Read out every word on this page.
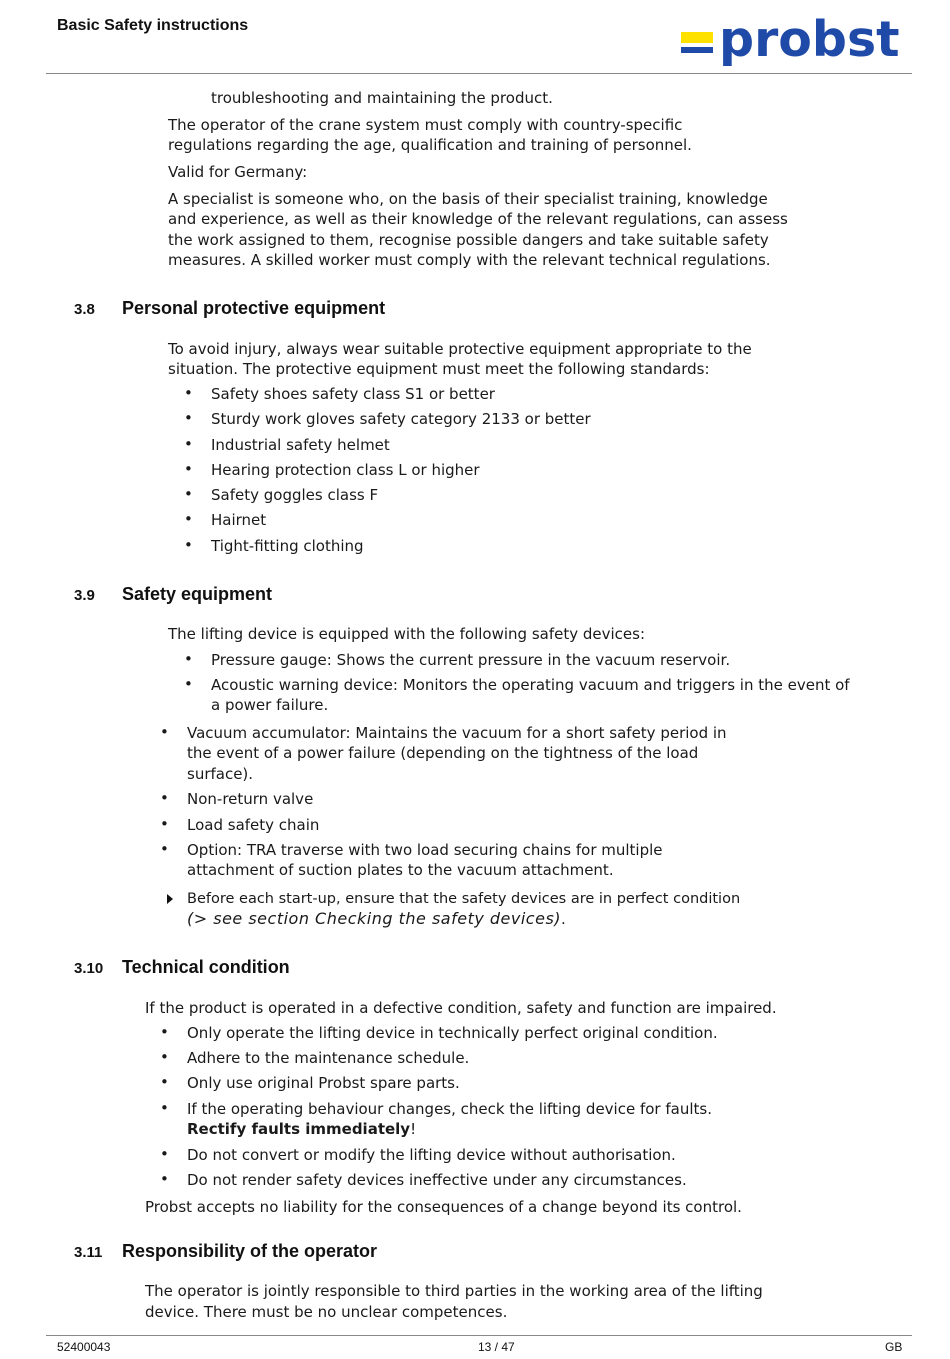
Basic Safety instructions	probst
troubleshooting and maintaining the product.
The operator of the crane system must comply with country-specific
regulations regarding the age, qualification and training of personnel.
Valid for Germany:
A specialist is someone who, on the basis of their specialist training, knowledge
and experience, as well as their knowledge of the relevant regulations, can assess
the work assigned to them, recognise possible dangers and take suitable safety
measures. A skilled worker must comply with the relevant technical regulations.
3.8 Personal protective equipment
To avoid injury, always wear suitable protective equipment appropriate to the
situation. The protective equipment must meet the following standards:
• Safety shoes safety class S1 or better
• Sturdy work gloves safety category 2133 or better
• Industrial safety helmet
• Hearing protection class L or higher
• Safety goggles class F
• Hairnet
• Tight-fitting clothing
3.9 Safety equipment
The lifting device is equipped with the following safety devices:
• Pressure gauge: Shows the current pressure in the vacuum reservoir.
• Acoustic warning device: Monitors the operating vacuum and triggers in the event of
a power failure.
• Vacuum accumulator: Maintains the vacuum for a short safety period in
the event of a power failure (depending on the tightness of the load
surface).
• Non-return valve
• Load safety chain
• Option: TRA traverse with two load securing chains for multiple
attachment of suction plates to the vacuum attachment.
Before each start-up, ensure that the safety devices are in perfect condition
(> see section Checking the safety devices).
3.10 Technical condition
If the product is operated in a defective condition, safety and function are impaired.
• Only operate the lifting device in technically perfect original condition.
• Adhere to the maintenance schedule.
• Only use original Probst spare parts.
• If the operating behaviour changes, check the lifting device for faults.
Rectify faults immediately!
• Do not convert or modify the lifting device without authorisation.
• Do not render safety devices ineffective under any circumstances.
Probst accepts no liability for the consequences of a change beyond its control.
3.11 Responsibility of the operator
The operator is jointly responsible to third parties in the working area of the lifting
device. There must be no unclear competences.
52400043	13 / 47	GB
